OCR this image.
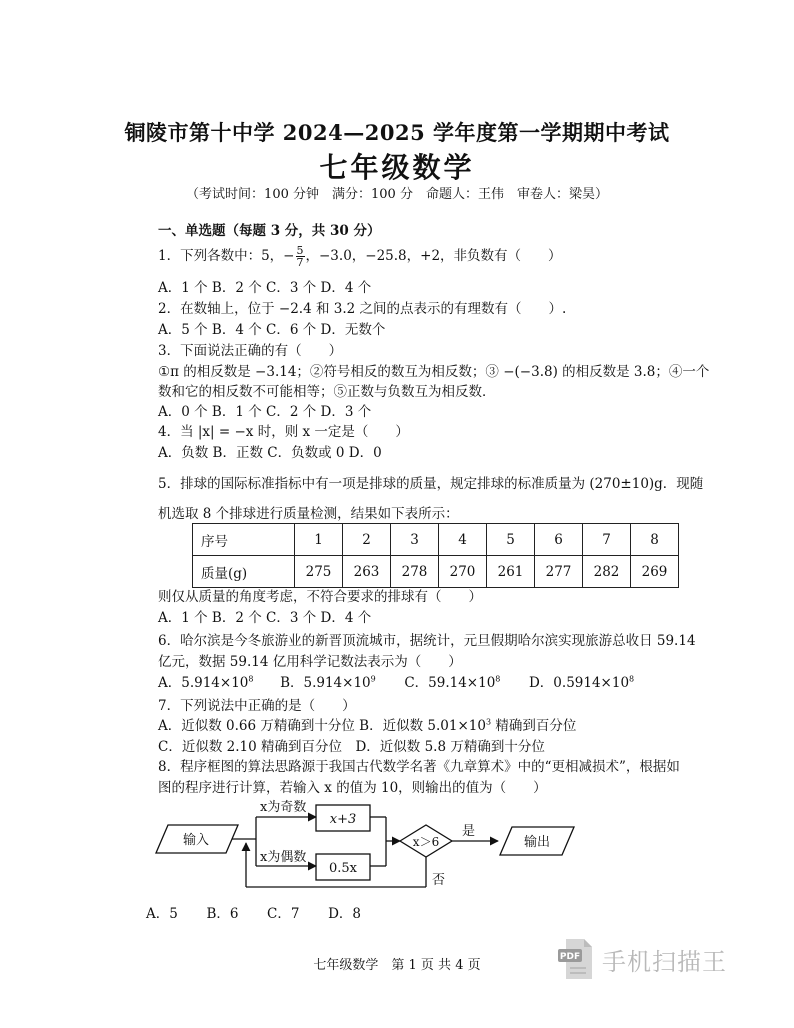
铜陵市第十中学 2024—2025 学年度第一学期期中考试
七年级数学
（考试时间：100 分钟　满分：100 分　命题人：王伟　审卷人：梁昊）
一、单选题（每题 3 分，共 30 分）
1．下列各数中：5，− $\frac{5}{7}$ ，−3.0，−25.8，+2，非负数有（　　）
A．1 个 B．2 个 C．3 个 D．4 个
2．在数轴上，位于 −2.4 和 3.2 之间的点表示的有理数有（　　）.
A．5 个 B．4 个 C．6 个 D．无数个
3．下面说法正确的有（　　）
①π 的相反数是 −3.14；②符号相反的数互为相反数；③ −(−3.8) 的相反数是 3.8；④一个
数和它的相反数不可能相等；⑤正数与负数互为相反数．
A．0 个 B．1 个 C．2 个 D．3 个
4．当 |x| = −x 时，则 x 一定是（　　）
A．负数 B．正数 C．负数或 0 D．0
5．排球的国际标准指标中有一项是排球的质量，规定排球的标准质量为 (270±10)g．现随
机选取 8 个排球进行质量检测，结果如下表所示：
序号	1	2	3	4	5	6	7	8
质量(g)	275	263	278	270	261	277	282	269
则仅从质量的角度考虑，不符合要求的排球有（　　）
A．1 个 B．2 个 C．3 个 D．4 个
6．哈尔滨是今冬旅游业的新晋顶流城市，据统计，元旦假期哈尔滨实现旅游总收日 59.14
亿元，数据 59.14 亿用科学记数法表示为（　　）
A．$5.914\times 10^8$ B．$5.914\times 10^9$ C．$59.14\times 10^8$ D．$0.5914\times 10^8$
7．下列说法中正确的是（　　）
A．近似数 0.66 万精确到十分位 B．近似数 $5.01\times 10^3$ 精确到百分位
C．近似数 2.10 精确到百分位　D．近似数 5.8 万精确到十分位
8．程序框图的算法思路源于我国古代数学名著《九章算术》中的“更相减损术”，根据如
图的程序进行计算，若输入 x 的值为 10，则输出的值为（　　）
输入
x为奇数
x为偶数
x+3
0.5x
x＞6
是
输出
否
A．5 B．6 C．7 D．8
七年级数学　第 1 页 共 4 页
PDF 手机扫描王
